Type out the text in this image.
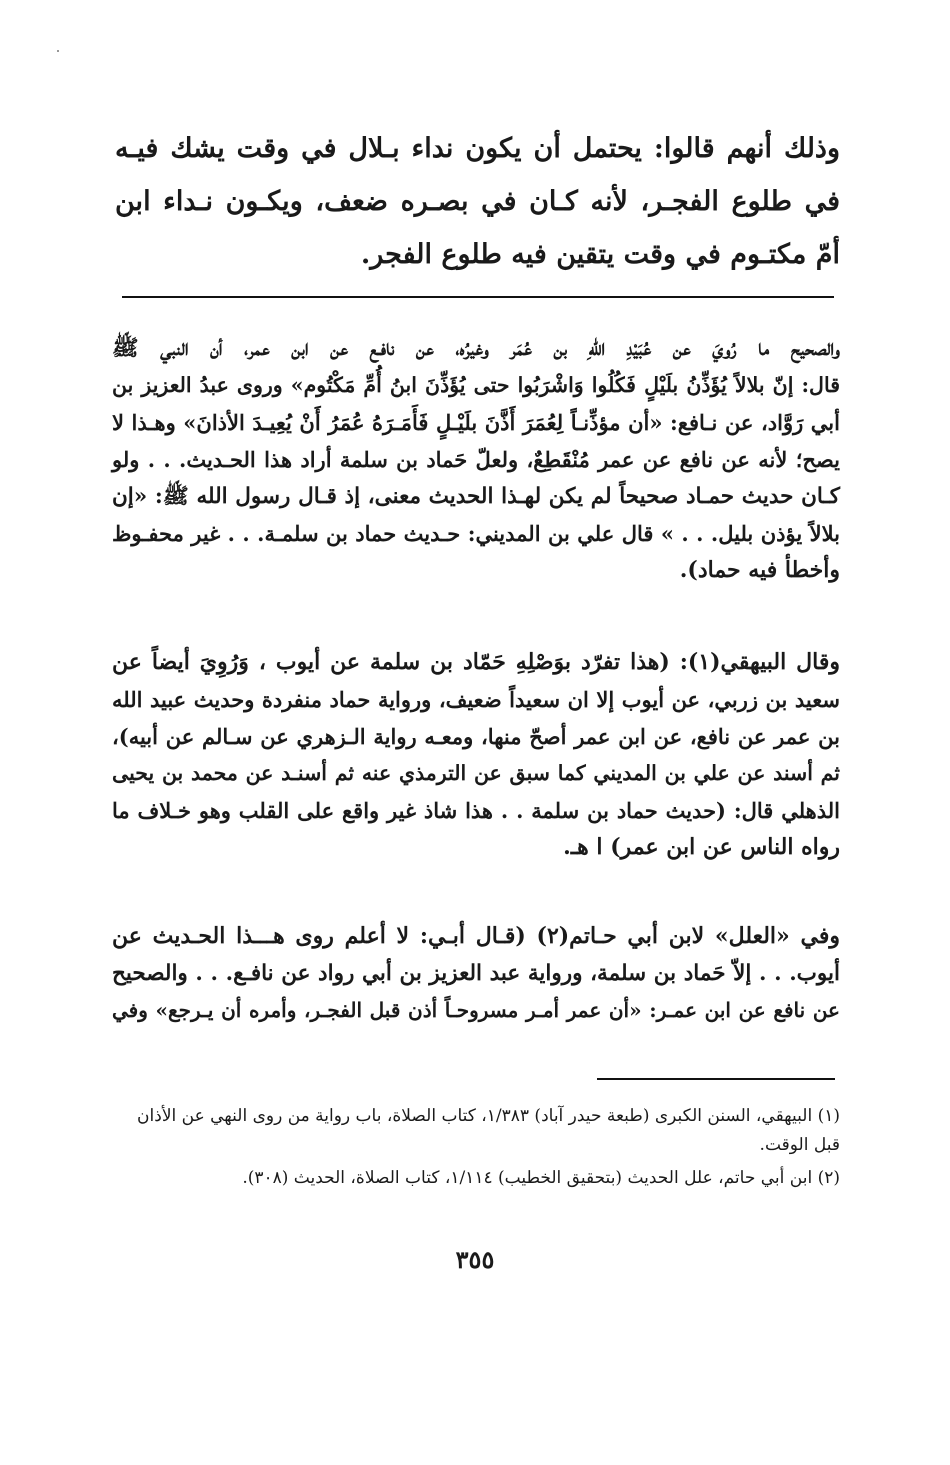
وذلك أنهم قالوا: يحتمل أن يكون نداء بـلال في وقت يشك فيـه في طلوع الفجـر، لأنه كـان في بصـره ضعف، ويكـون نـداء ابن أمّ مكتـوم في وقت يتقين فيه طلوع الفجر.

والصحيح ما رُويَ عن عُبَيْدِ اللهِ بن عُمَر وغيرُه، عن نافـع عن ابن عمر، أن النبي ﷺ
قال: إنّ بلالاً يُؤَذِّنُ بلَيْلٍ فَكُلُوا وَاشْرَبُوا حتى يُؤَذِّنَ ابنُ أُمِّ مَكْتُوم» وروى عبدُ العزيز بن
أبي رَوَّاد، عن نـافع: «أن مؤذِّنـاً لِعُمَرَ أَذَّنَ بلَيْـلٍ فَأَمَـرَهُ عُمَرُ أَنْ يُعِيـدَ الأذانَ» وهـذا لا
يصح؛ لأنه عن نافع عن عمر مُنْقَطِعٌ، ولعلّ حَماد بن سلمة أراد هذا الحـديث. . . ولو
كـان حديث حمـاد صحيحاً لم يكن لهـذا الحديث معنى، إذ قـال رسول الله ﷺ: «إن
بلالاً يؤذن بليل. . . » قال علي بن المديني: حـديث حماد بن سلمـة. . . غير محفـوظ
وأخطأ فيه حماد).
وقال البيهقي(١): (هذا تفرّد بوَصْلِهِ حَمّاد بن سلمة عن أيوب ، وَرُوِيَ أيضاً عن
سعيد بن زربي، عن أيوب إلا ان سعيداً ضعيف، ورواية حماد منفردة وحديث عبيد الله
بن عمر عن نافع، عن ابن عمر أصحّ منها، ومعـه رواية الـزهري عن سـالم عن أبيه)،
ثم أسند عن علي بن المديني كما سبق عن الترمذي عنه ثم أسنـد عن محمد بن يحيى
الذهلي قال: (حديث حماد بن سلمة . . هذا شاذ غير واقع على القلب وهو خـلاف ما
رواه الناس عن ابن عمر) ا هـ.
وفي «العلل» لابن أبي حـاتم(٢) (قـال أبـي: لا أعلم روى هـــذا الحـديث عن
أيوب. . . إلاّ حَماد بن سلمة، ورواية عبد العزيز بن أبي رواد عن نافـع. . . والصحيح
عن نافع عن ابن عمـر: «أن عمر أمـر مسروحـاً أذن قبل الفجـر، وأمره أن يـرجع» وفي
(١) البيهقي، السنن الكبرى (طبعة حيدر آباد) ١/٣٨٣، كتاب الصلاة، باب رواية من روى النهي عن الأذان قبل الوقت.
(٢) ابن أبي حاتم، علل الحديث (بتحقيق الخطيب) ١/١١٤، كتاب الصلاة، الحديث (٣٠٨).
٣٥٥
